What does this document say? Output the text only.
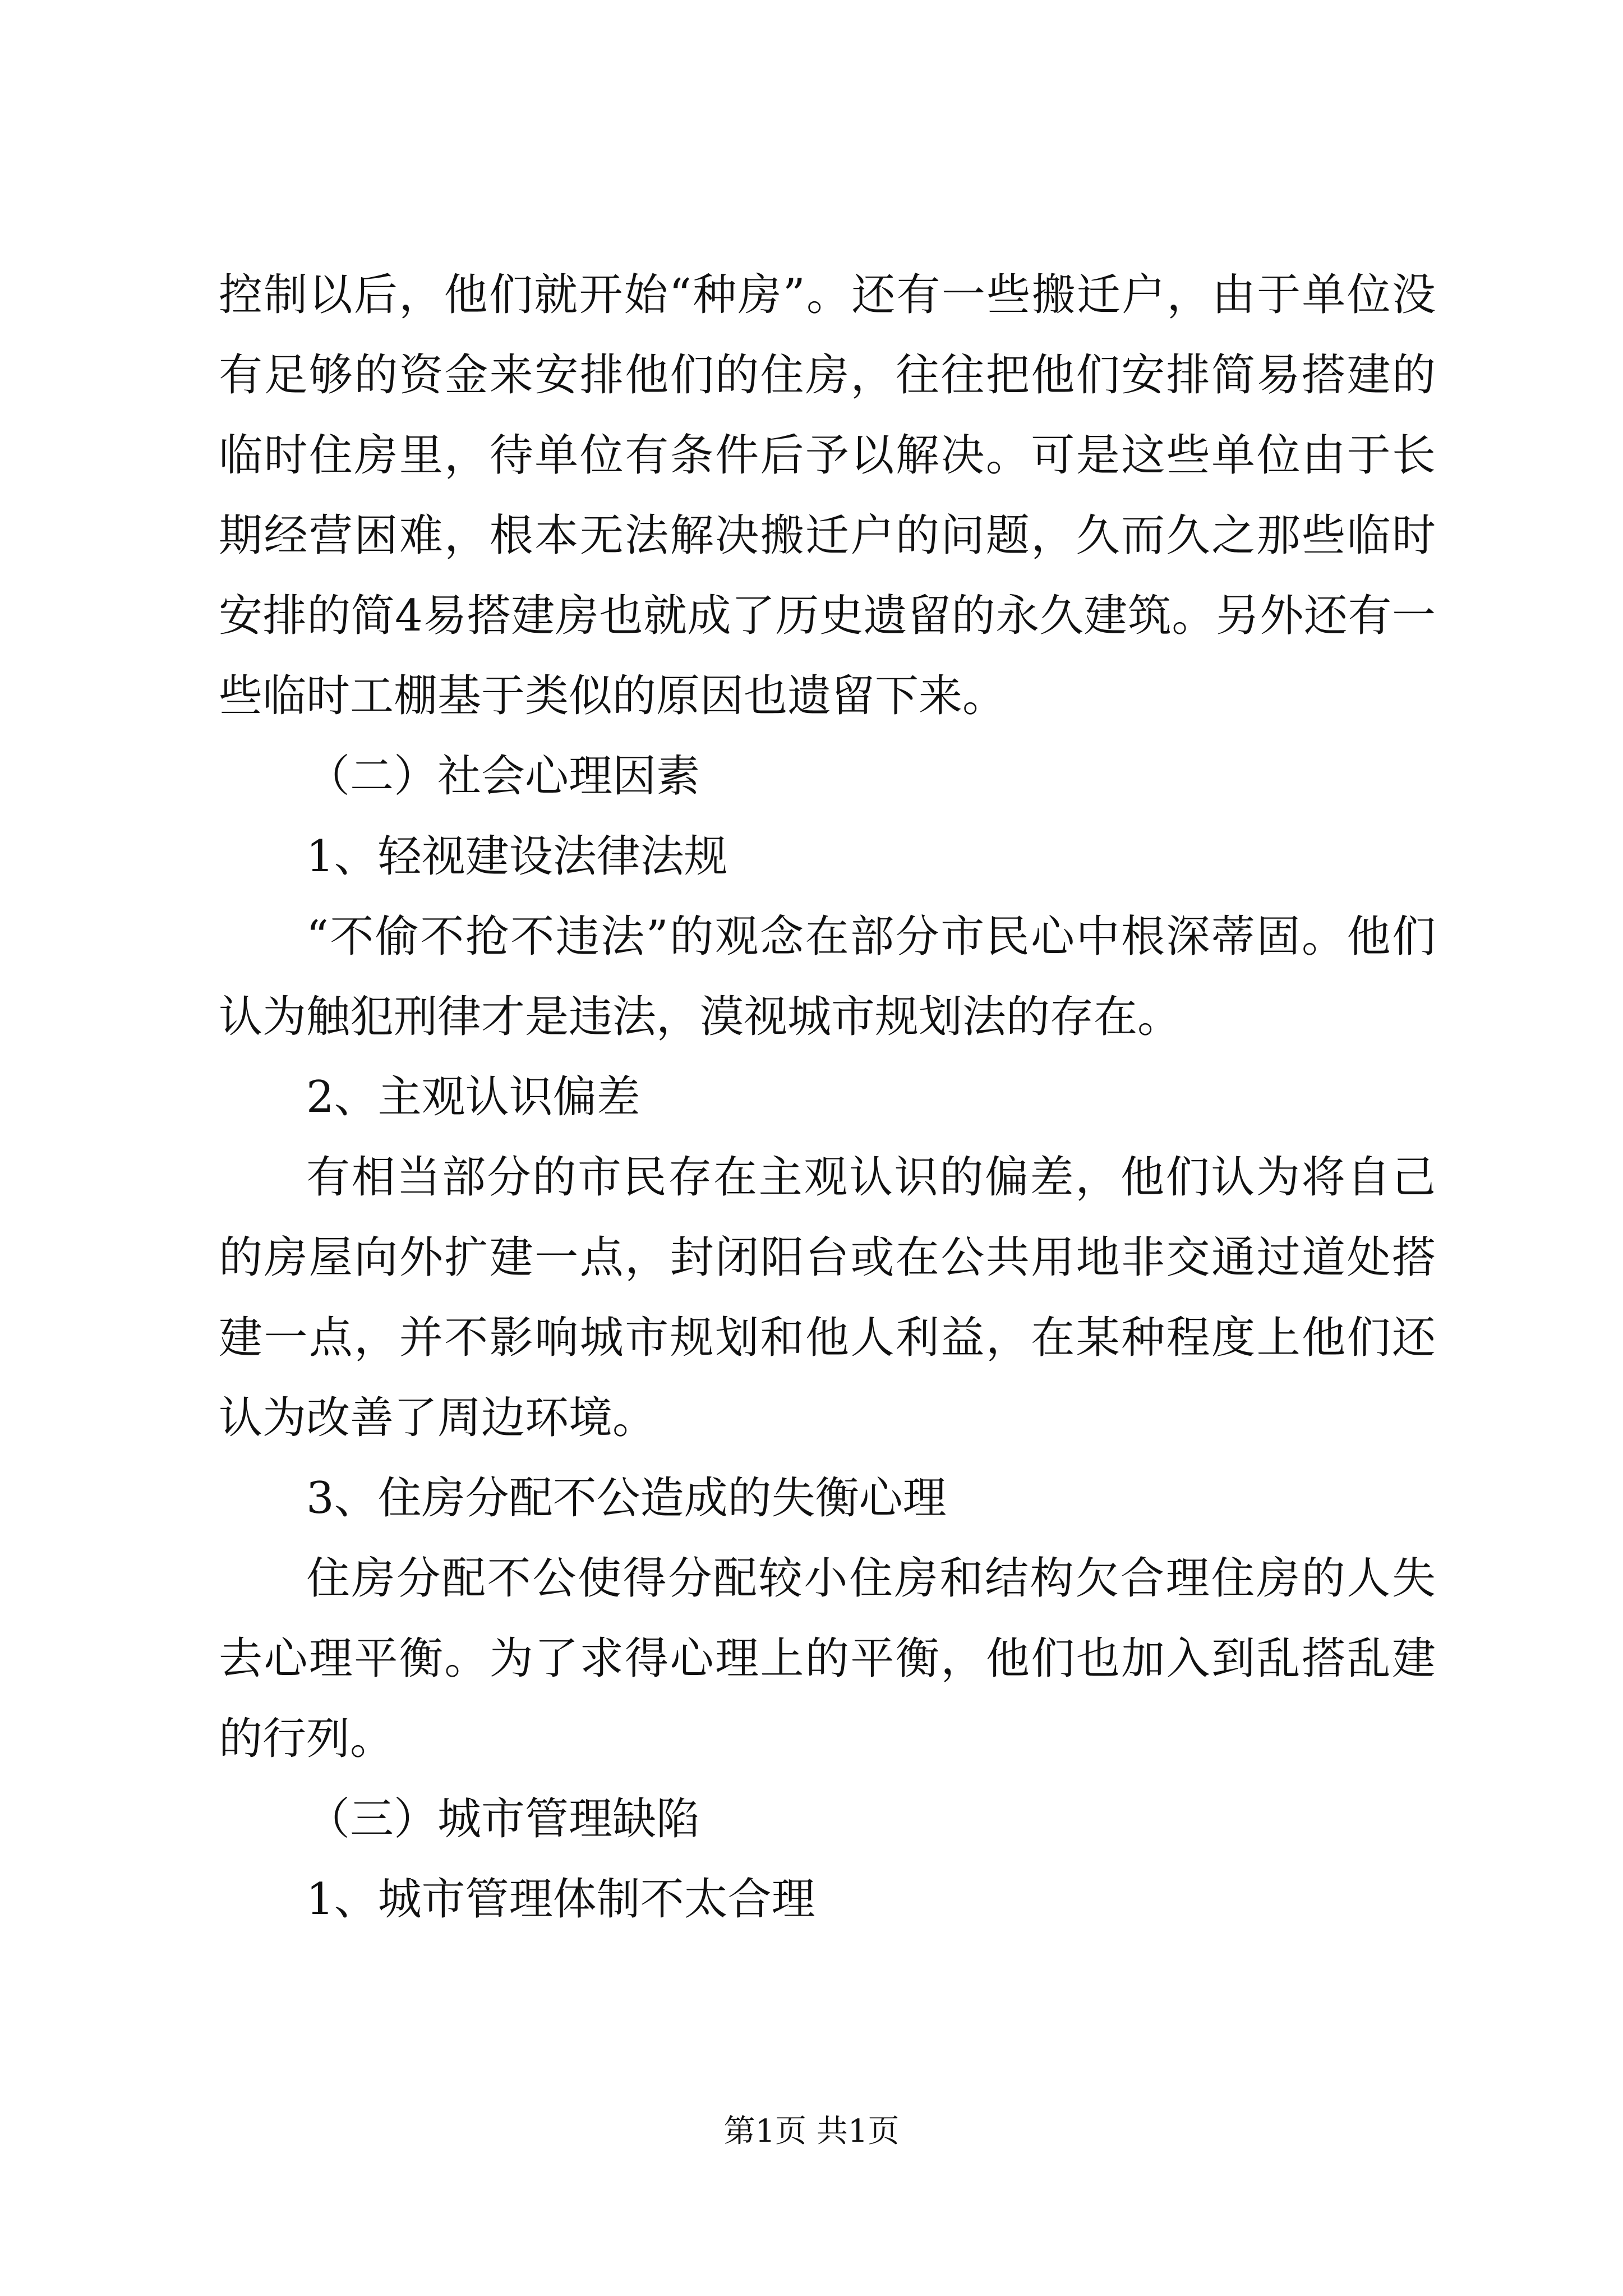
控制以后，他们就开始“种房”。还有一些搬迁户，由于单位没有足够的资金来安排他们的住房，往往把他们安排简易搭建的临时住房里，待单位有条件后予以解决。可是这些单位由于长期经营困难，根本无法解决搬迁户的问题，久而久之那些临时安排的简4易搭建房也就成了历史遗留的永久建筑。另外还有一些临时工棚基于类似的原因也遗留下来。

（二）社会心理因素

1、轻视建设法律法规

“不偷不抢不违法”的观念在部分市民心中根深蒂固。他们认为触犯刑律才是违法，漠视城市规划法的存在。

2、主观认识偏差

有相当部分的市民存在主观认识的偏差，他们认为将自己的房屋向外扩建一点，封闭阳台或在公共用地非交通过道处搭建一点，并不影响城市规划和他人利益，在某种程度上他们还认为改善了周边环境。

3、住房分配不公造成的失衡心理

住房分配不公使得分配较小住房和结构欠合理住房的人失去心理平衡。为了求得心理上的平衡，他们也加入到乱搭乱建的行列。

（三）城市管理缺陷

1、城市管理体制不太合理

第1页 共1页
